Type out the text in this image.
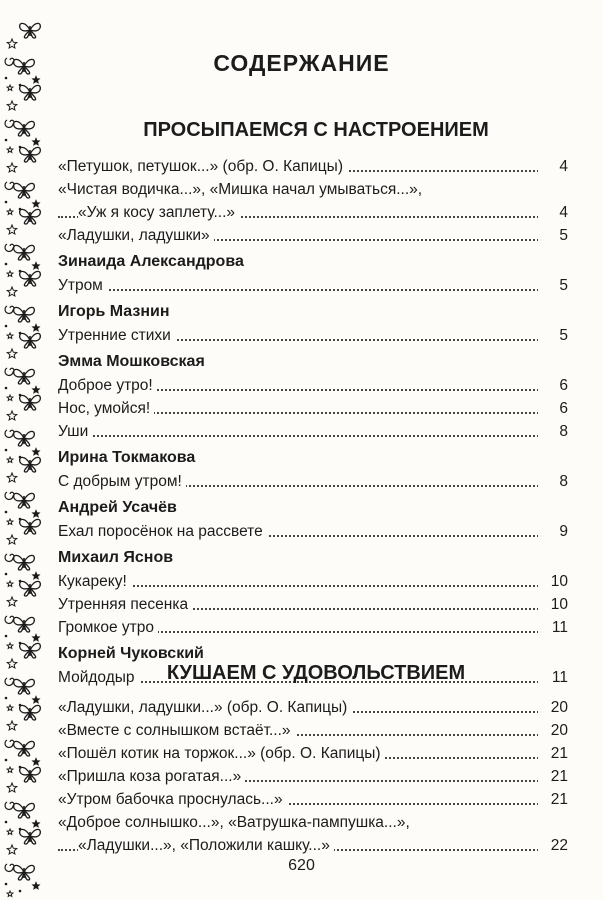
СОДЕРЖАНИЕ
ПРОСЫПАЕМСЯ С НАСТРОЕНИЕМ
«Петушок, петушок...» (обр. О. Капицы)	4
«Чистая водичка...», «Мишка начал умываться...»,
«Уж я косу заплету...»	4
«Ладушки, ладушки»	5
Зинаида Александрова
Утром	5
Игорь Мазнин
Утренние стихи	5
Эмма Мошковская
Доброе утро!	6
Нос, умойся!	6
Уши	8
Ирина Токмакова
С добрым утром!	8
Андрей Усачёв
Ехал поросёнок на рассвете	9
Михаил Яснов
Кукареку!	10
Утренняя песенка	10
Громкое утро	11
Корней Чуковский
Мойдодыр	11
КУШАЕМ С УДОВОЛЬСТВИЕМ
«Ладушки, ладушки...» (обр. О. Капицы)	20
«Вместе с солнышком встаёт...»	20
«Пошёл котик на торжок...» (обр. О. Капицы)	21
«Пришла коза рогатая...»	21
«Утром бабочка проснулась...»	21
«Доброе солнышко...», «Ватрушка-пампушка...»,
«Ладушки...», «Положили кашку...»	22
620
